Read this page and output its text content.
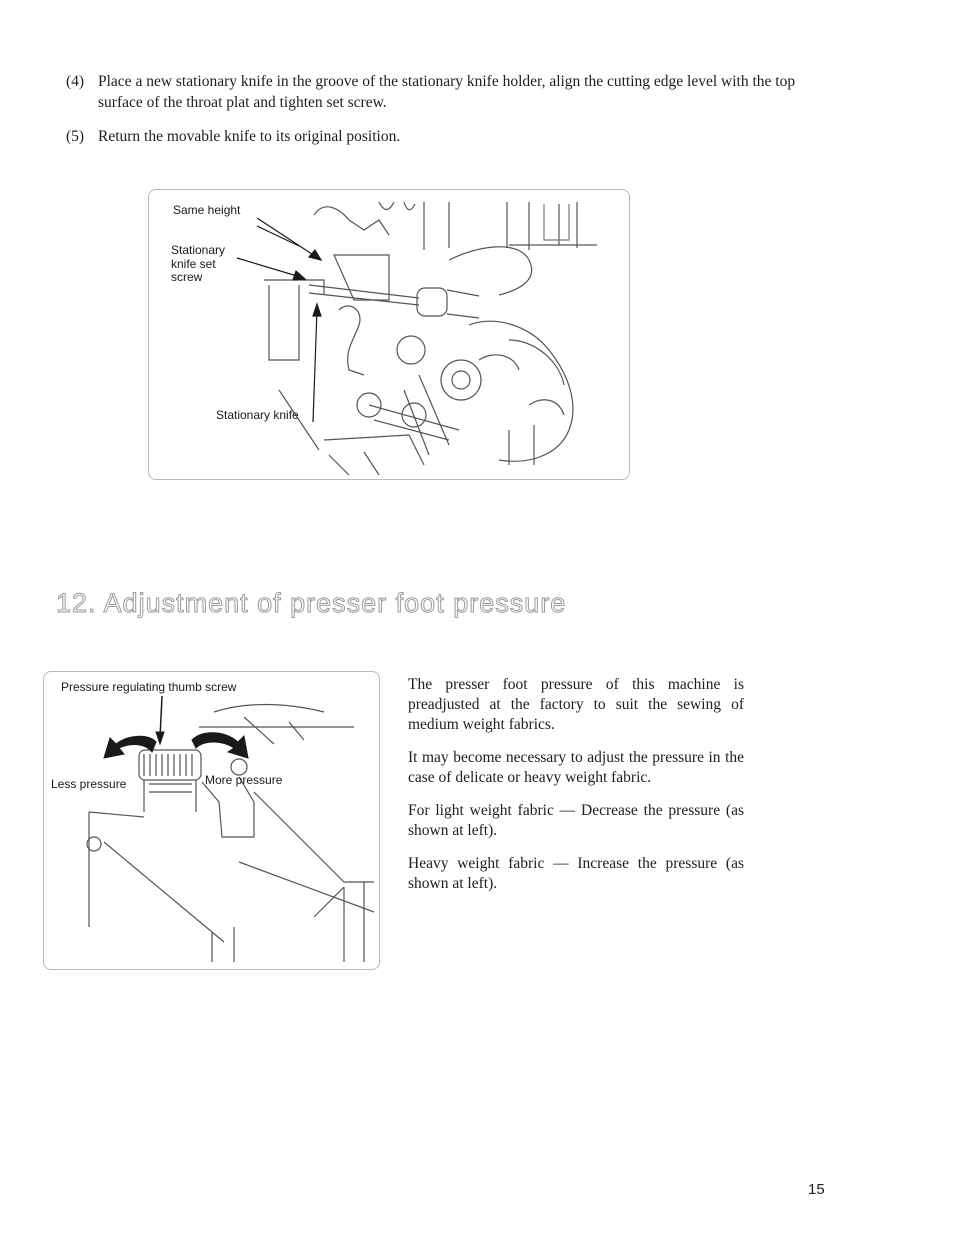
(4) Place a new stationary knife in the groove of the stationary knife holder, align the cutting edge level with the top surface of the throat plat and tighten set screw.
(5) Return the movable knife to its original position.
Same height
Stationary
knife set
screw
Stationary knife
12. Adjustment of presser foot pressure
Pressure regulating thumb screw
Less pressure	More pressure

The presser foot pressure of this machine is preadjusted at the factory to suit the sewing of medium weight fabrics.

It may become necessary to adjust the pressure in the case of delicate or heavy weight fabric.

For light weight fabric — Decrease the pressure (as shown at left).

Heavy weight fabric — Increase the pressure (as shown at left).

15
